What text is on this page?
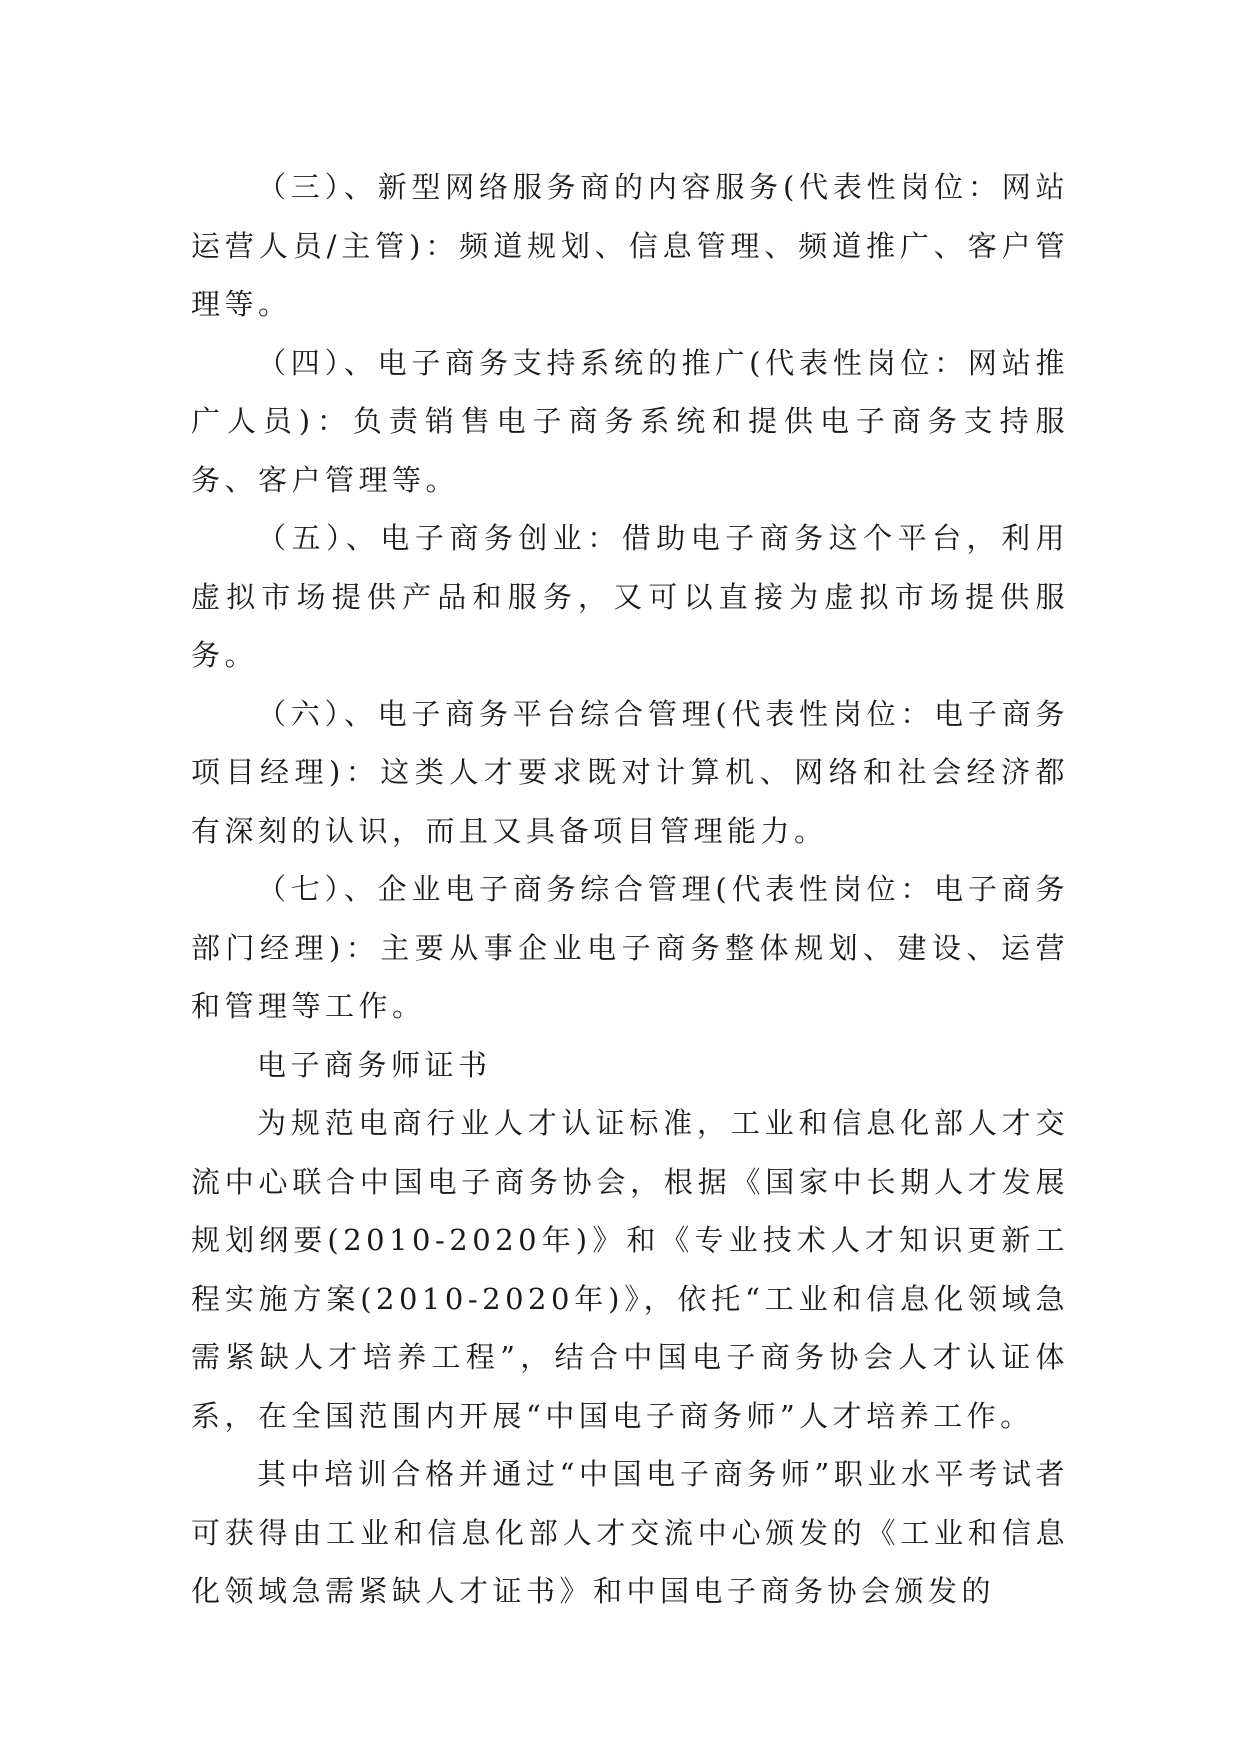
（三）、新型网络服务商的内容服务(代表性岗位：网站运营人员/主管)：频道规划、信息管理、频道推广、客户管理等。

（四）、电子商务支持系统的推广(代表性岗位：网站推广人员)：负责销售电子商务系统和提供电子商务支持服务、客户管理等。

（五）、电子商务创业：借助电子商务这个平台，利用虚拟市场提供产品和服务，又可以直接为虚拟市场提供服务。

（六）、电子商务平台综合管理(代表性岗位：电子商务项目经理)：这类人才要求既对计算机、网络和社会经济都有深刻的认识，而且又具备项目管理能力。

（七）、企业电子商务综合管理(代表性岗位：电子商务部门经理)：主要从事企业电子商务整体规划、建设、运营和管理等工作。

电子商务师证书

为规范电商行业人才认证标准，工业和信息化部人才交流中心联合中国电子商务协会，根据《国家中长期人才发展规划纲要(2010-2020年)》和《专业技术人才知识更新工程实施方案(2010-2020年)》，依托“工业和信息化领域急需紧缺人才培养工程”，结合中国电子商务协会人才认证体系，在全国范围内开展“中国电子商务师”人才培养工作。

其中培训合格并通过“中国电子商务师”职业水平考试者可获得由工业和信息化部人才交流中心颁发的《工业和信息化领域急需紧缺人才证书》和中国电子商务协会颁发的
